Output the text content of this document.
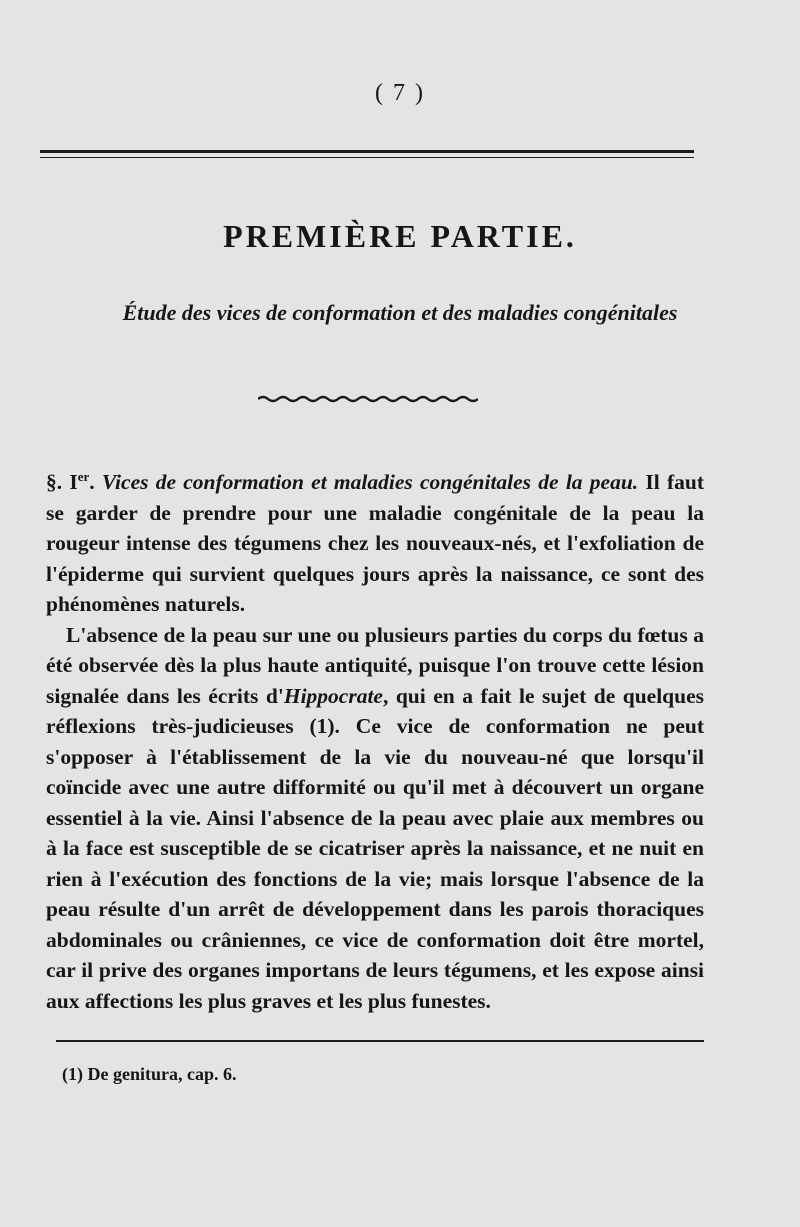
( 7 )
PREMIÈRE PARTIE.
Étude des vices de conformation et des maladies congénitales

§. Ier. Vices de conformation et maladies congénitales de la peau. Il faut se garder de prendre pour une maladie congénitale de la peau la rougeur intense des tégumens chez les nouveaux-nés, et l'exfoliation de l'épiderme qui survient quelques jours après la naissance, ce sont des phénomènes naturels.

L'absence de la peau sur une ou plusieurs parties du corps du fœtus a été observée dès la plus haute antiquité, puisque l'on trouve cette lésion signalée dans les écrits d'Hippocrate, qui en a fait le sujet de quelques réflexions très-judicieuses (1). Ce vice de conformation ne peut s'opposer à l'établissement de la vie du nouveau-né que lorsqu'il coïncide avec une autre difformité ou qu'il met à découvert un organe essentiel à la vie. Ainsi l'absence de la peau avec plaie aux membres ou à la face est susceptible de se cicatriser après la naissance, et ne nuit en rien à l'exécution des fonctions de la vie; mais lorsque l'absence de la peau résulte d'un arrêt de développement dans les parois thoraciques abdominales ou crâniennes, ce vice de conformation doit être mortel, car il prive des organes importans de leurs tégumens, et les expose ainsi aux affections les plus graves et les plus funestes.

(1) De genitura, cap. 6.
